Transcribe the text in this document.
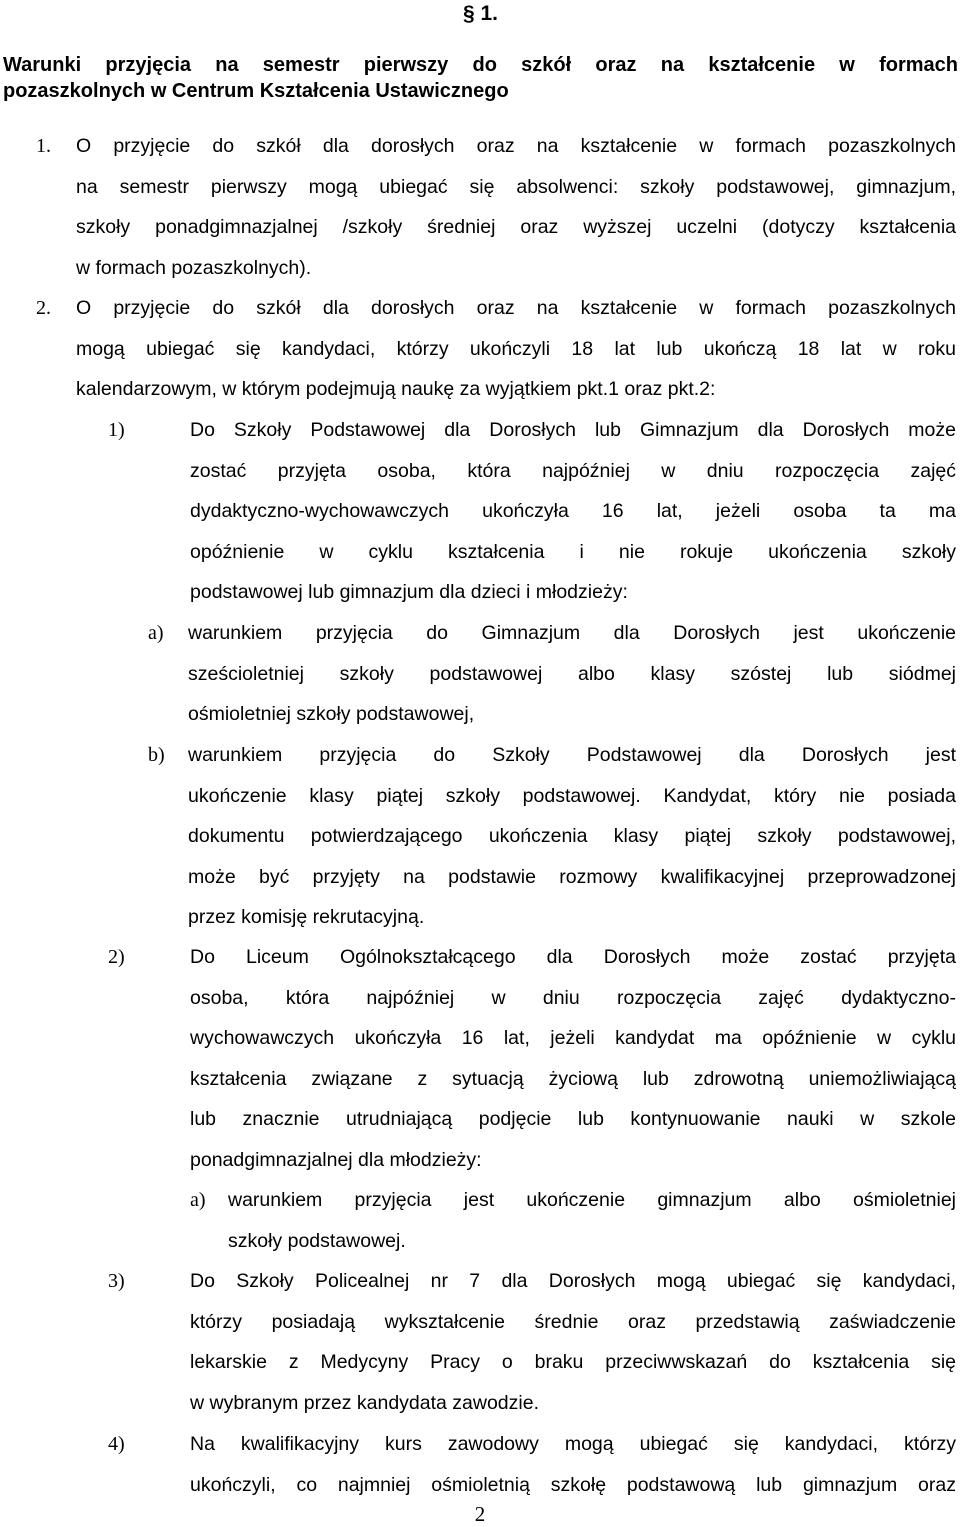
§ 1.
Warunki przyjęcia na semestr pierwszy do szkół oraz na kształcenie w formach
pozaszkolnych w Centrum Kształcenia Ustawicznego
1. O przyjęcie do szkół dla dorosłych oraz na kształcenie w formach pozaszkolnych
na semestr pierwszy mogą ubiegać się absolwenci: szkoły podstawowej, gimnazjum,
szkoły ponadgimnazjalnej /szkoły średniej oraz wyższej uczelni (dotyczy kształcenia
w formach pozaszkolnych).
2. O przyjęcie do szkół dla dorosłych oraz na kształcenie w formach pozaszkolnych
mogą ubiegać się kandydaci, którzy ukończyli 18 lat lub ukończą 18 lat w roku
kalendarzowym, w którym podejmują naukę za wyjątkiem pkt.1 oraz pkt.2:
1)	Do Szkoły Podstawowej dla Dorosłych lub Gimnazjum dla Dorosłych może
zostać przyjęta osoba, która najpóźniej w dniu rozpoczęcia zajęć
dydaktyczno-wychowawczych ukończyła 16 lat, jeżeli osoba ta ma
opóźnienie w cyklu kształcenia i nie rokuje ukończenia szkoły
podstawowej lub gimnazjum dla dzieci i młodzieży:
a) warunkiem przyjęcia do Gimnazjum dla Dorosłych jest ukończenie
sześcioletniej szkoły podstawowej albo klasy szóstej lub siódmej
ośmioletniej szkoły podstawowej,
b) warunkiem przyjęcia do Szkoły Podstawowej dla Dorosłych jest
ukończenie klasy piątej szkoły podstawowej. Kandydat, który nie posiada
dokumentu potwierdzającego ukończenia klasy piątej szkoły podstawowej,
może być przyjęty na podstawie rozmowy kwalifikacyjnej przeprowadzonej
przez komisję rekrutacyjną.
2)	Do Liceum Ogólnokształcącego dla Dorosłych może zostać przyjęta
osoba, która najpóźniej w dniu rozpoczęcia zajęć dydaktyczno-
wychowawczych ukończyła 16 lat, jeżeli kandydat ma opóźnienie w cyklu
kształcenia związane z sytuacją życiową lub zdrowotną uniemożliwiającą
lub znacznie utrudniającą podjęcie lub kontynuowanie nauki w szkole
ponadgimnazjalnej dla młodzieży:
a) warunkiem przyjęcia jest ukończenie gimnazjum albo ośmioletniej
szkoły podstawowej.
3)	Do Szkoły Policealnej nr 7 dla Dorosłych mogą ubiegać się kandydaci,
którzy posiadają wykształcenie średnie oraz przedstawią zaświadczenie
lekarskie z Medycyny Pracy o braku przeciwwskazań do kształcenia się
w wybranym przez kandydata zawodzie.
4)	Na kwalifikacyjny kurs zawodowy mogą ubiegać się kandydaci, którzy
ukończyli, co najmniej ośmioletnią szkołę podstawową lub gimnazjum oraz
2
